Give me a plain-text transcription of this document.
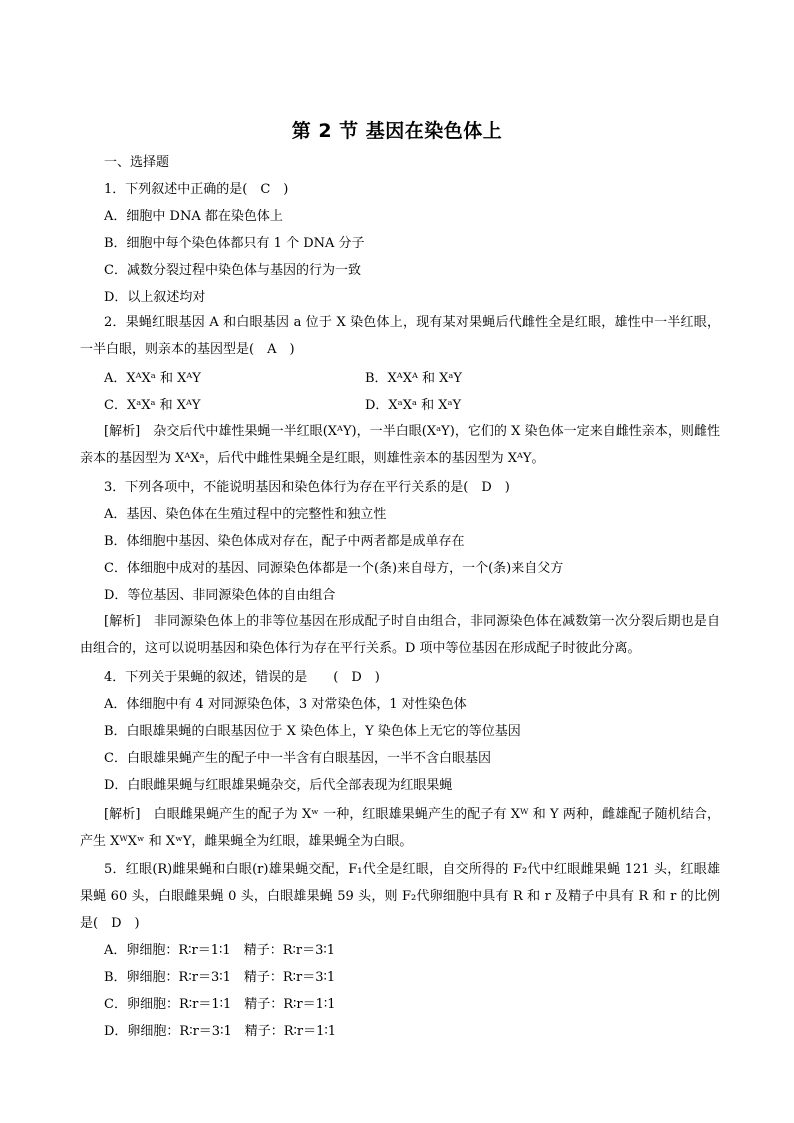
第 2 节 基因在染色体上
一、选择题
1．下列叙述中正确的是(　C　)
A．细胞中 DNA 都在染色体上
B．细胞中每个染色体都只有 1 个 DNA 分子
C．减数分裂过程中染色体与基因的行为一致
D．以上叙述均对
2．果蝇红眼基因 A 和白眼基因 a 位于 X 染色体上，现有某对果蝇后代雌性全是红眼，雄性中一半红眼，一半白眼，则亲本的基因型是(　A　)
A．XᴬXᵃ 和 XᴬY	B．XᴬXᴬ 和 XᵃY
C．XᵃXᵃ 和 XᴬY	D．XᵃXᵃ 和 XᵃY
[解析]　杂交后代中雄性果蝇一半红眼(XᴬY)，一半白眼(XᵃY)，它们的 X 染色体一定来自雌性亲本，则雌性亲本的基因型为 XᴬXᵃ，后代中雌性果蝇全是红眼，则雄性亲本的基因型为 XᴬY。
3．下列各项中，不能说明基因和染色体行为存在平行关系的是(　D　)
A．基因、染色体在生殖过程中的完整性和独立性
B．体细胞中基因、染色体成对存在，配子中两者都是成单存在
C．体细胞中成对的基因、同源染色体都是一个(条)来自母方，一个(条)来自父方
D．等位基因、非同源染色体的自由组合
[解析]　非同源染色体上的非等位基因在形成配子时自由组合，非同源染色体在减数第一次分裂后期也是自由组合的，这可以说明基因和染色体行为存在平行关系。D 项中等位基因在形成配子时彼此分离。
4．下列关于果蝇的叙述，错误的是　　(　D　)
A．体细胞中有 4 对同源染色体，3 对常染色体，1 对性染色体
B．白眼雄果蝇的白眼基因位于 X 染色体上，Y 染色体上无它的等位基因
C．白眼雄果蝇产生的配子中一半含有白眼基因，一半不含白眼基因
D．白眼雌果蝇与红眼雄果蝇杂交，后代全部表现为红眼果蝇
[解析]　白眼雌果蝇产生的配子为 Xʷ 一种，红眼雄果蝇产生的配子有 Xᵂ 和 Y 两种，雌雄配子随机结合，产生 XᵂXʷ 和 XʷY，雌果蝇全为红眼，雄果蝇全为白眼。
5．红眼(R)雌果蝇和白眼(r)雄果蝇交配，F₁代全是红眼，自交所得的 F₂代中红眼雌果蝇 121 头，红眼雄果蝇 60 头，白眼雌果蝇 0 头，白眼雄果蝇 59 头，则 F₂代卵细胞中具有 R 和 r 及精子中具有 R 和 r 的比例是(　D　)
A．卵细胞：R∶r＝1∶1　精子：R∶r＝3∶1
B．卵细胞：R∶r＝3∶1　精子：R∶r＝3∶1
C．卵细胞：R∶r＝1∶1　精子：R∶r＝1∶1
D．卵细胞：R∶r＝3∶1　精子：R∶r＝1∶1
